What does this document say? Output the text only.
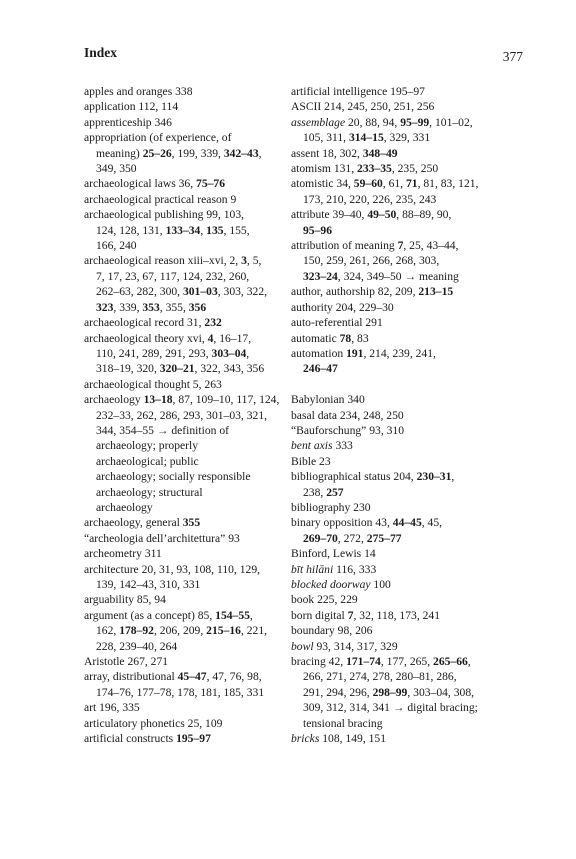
Index	377
apples and oranges 338
application 112, 114
apprenticeship 346
appropriation (of experience, of
meaning) 25–26, 199, 339, 342–43,
349, 350
archaeological laws 36, 75–76
archaeological practical reason 9
archaeological publishing 99, 103,
124, 128, 131, 133–34, 135, 155,
166, 240
archaeological reason xiii–xvi, 2, 3, 5,
7, 17, 23, 67, 117, 124, 232, 260,
262–63, 282, 300, 301–03, 303, 322,
323, 339, 353, 355, 356
archaeological record 31, 232
archaeological theory xvi, 4, 16–17,
110, 241, 289, 291, 293, 303–04,
318–19, 320, 320–21, 322, 343, 356
archaeological thought 5, 263
archaeology 13–18, 87, 109–10, 117, 124,
232–33, 262, 286, 293, 301–03, 321,
344, 354–55 → definition of
archaeology; properly
archaeological; public
archaeology; socially responsible
archaeology; structural
archaeology
archaeology, general 355
“archeologia dell’architettura” 93
archeometry 311
architecture 20, 31, 93, 108, 110, 129,
139, 142–43, 310, 331
arguability 85, 94
argument (as a concept) 85, 154–55,
162, 178–92, 206, 209, 215–16, 221,
228, 239–40, 264
Aristotle 267, 271
array, distributional 45–47, 47, 76, 98,
174–76, 177–78, 178, 181, 185, 331
art 196, 335
articulatory phonetics 25, 109
artificial constructs 195–97
artificial intelligence 195–97
ASCII 214, 245, 250, 251, 256
assemblage 20, 88, 94, 95–99, 101–02,
105, 311, 314–15, 329, 331
assent 18, 302, 348–49
atomism 131, 233–35, 235, 250
atomistic 34, 59–60, 61, 71, 81, 83, 121,
173, 210, 220, 226, 235, 243
attribute 39–40, 49–50, 88–89, 90,
95–96
attribution of meaning 7, 25, 43–44,
150, 259, 261, 266, 268, 303,
323–24, 324, 349–50 → meaning
author, authorship 82, 209, 213–15
authority 204, 229–30
auto-referential 291
automatic 78, 83
automation 191, 214, 239, 241,
246–47
Babylonian 340
basal data 234, 248, 250
“Bauforschung” 93, 310
bent axis 333
Bible 23
bibliographical status 204, 230–31,
238, 257
bibliography 230
binary opposition 43, 44–45, 45,
269–70, 272, 275–77
Binford, Lewis 14
bīt hilāni 116, 333
blocked doorway 100
book 225, 229
born digital 7, 32, 118, 173, 241
boundary 98, 206
bowl 93, 314, 317, 329
bracing 42, 171–74, 177, 265, 265–66,
266, 271, 274, 278, 280–81, 286,
291, 294, 296, 298–99, 303–04, 308,
309, 312, 314, 341 → digital bracing;
tensional bracing
bricks 108, 149, 151
